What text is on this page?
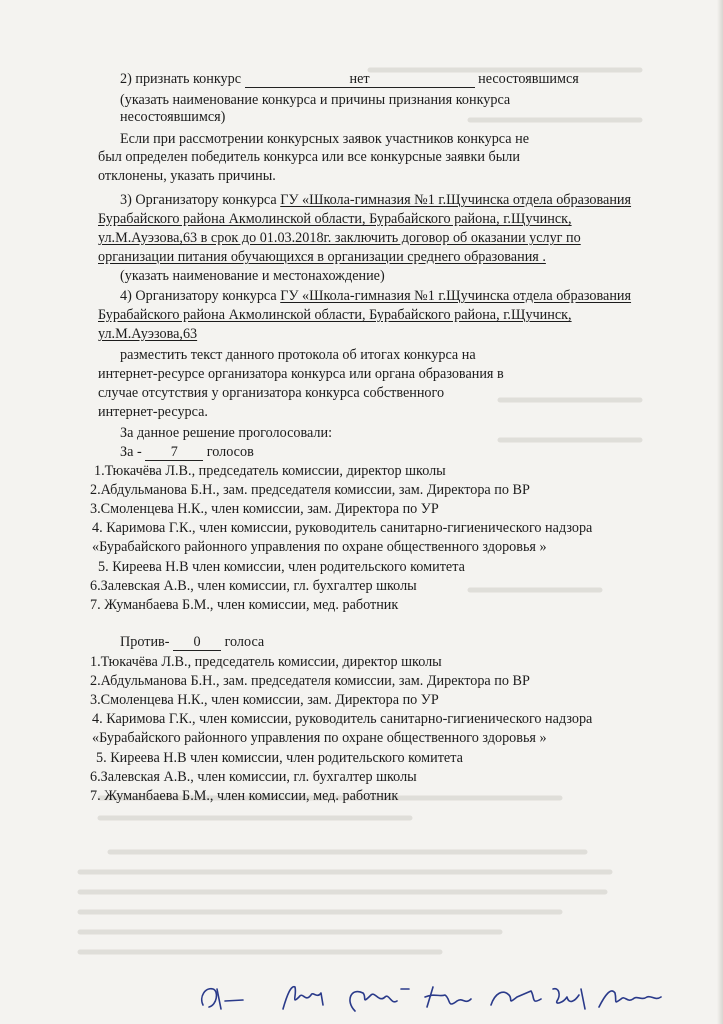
2) признать конкурс	нет	несостоявшимся
(указать наименование конкурса и причины признания конкурса
несостоявшимся)
Если при рассмотрении конкурсных заявок участников конкурса не
был определен победитель конкурса или все конкурсные заявки были
отклонены, указать причины.
3) Организатору конкурса ГУ «Школа-гимназия №1 г.Щучинска отдела образования
Бурабайского района Акмолинской области, Бурабайского района, г.Щучинск,
ул.М.Ауэзова,63 в срок до 01.03.2018г. заключить договор об оказании услуг по
организации питания обучающихся в организации среднего образования .
(указать наименование и местонахождение)
4) Организатору конкурса ГУ «Школа-гимназия №1 г.Щучинска отдела образования
Бурабайского района Акмолинской области, Бурабайского района, г.Щучинск,
ул.М.Ауэзова,63
разместить текст данного протокола об итогах конкурса на
интернет-ресурсе организатора конкурса или органа образования в
случае отсутствия у организатора конкурса собственного
интернет-ресурса.
За данное решение проголосовали:
За - 7 голосов
1.Тюкачёва Л.В., председатель комиссии, директор школы
2.Абдульманова Б.Н., зам. председателя комиссии, зам. Директора по ВР
3.Смоленцева Н.К., член комиссии, зам. Директора по УР
4. Каримова Г.К., член комиссии, руководитель санитарно-гигиенического надзора
«Бурабайского районного управления по охране общественного здоровья »
5. Киреева Н.В член комиссии, член родительского комитета
6.Залевская А.В., член комиссии, гл. бухгалтер школы
7. Жуманбаева Б.М., член комиссии, мед. работник
Против- 0 голоса
1.Тюкачёва Л.В., председатель комиссии, директор школы
2.Абдульманова Б.Н., зам. председателя комиссии, зам. Директора по ВР
3.Смоленцева Н.К., член комиссии, зам. Директора по УР
4. Каримова Г.К., член комиссии, руководитель санитарно-гигиенического надзора
«Бурабайского районного управления по охране общественного здоровья »
5. Киреева Н.В член комиссии, член родительского комитета
6.Залевская А.В., член комиссии, гл. бухгалтер школы
7. Жуманбаева Б.М., член комиссии, мед. работник
